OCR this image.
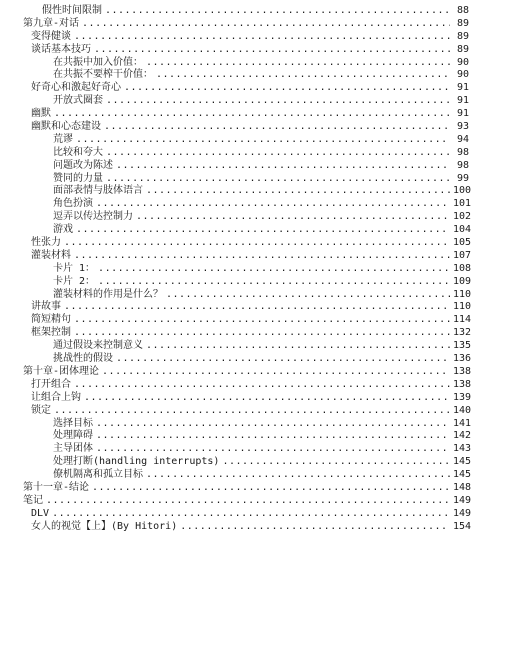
假性时间限制 .....	88
第九章-对话 .....	89
变得健谈 .....	89
谈话基本技巧 .....	89
在共振中加入价值： .....	90
在共振不要榨干价值： .....	90
好奇心和激起好奇心 .....	91
开放式圈套 .....	91
幽默 .....	91
幽默和心态建设 .....	93
荒谬 .....	94
比较和夸大 .....	98
问题改为陈述 .....	98
赞同的力量 .....	99
面部表情与肢体语言 .....	100
角色扮演 .....	101
逗弄以传达控制力 .....	102
游戏 .....	104
性张力 .....	105
灌装材料 .....	107
卡片 1： .....	108
卡片 2： .....	109
灌装材料的作用是什么？ .....	110
讲故事 .....	110
简短精句 .....	114
框架控制 .....	132
通过假设来控制意义 .....	135
挑战性的假设 .....	136
第十章-团体理论 .....	138
打开组合 .....	138
让组合上钩 .....	139
锁定 .....	140
选择目标 .....	141
处理障碍 .....	142
主导团体 .....	143
处理打断(handling interrupts) .....	145
僚机隔离和孤立目标 .....	145
第十一章-结论 .....	148
笔记 .....	149
DLV .....	149
女人的视觉【上】(By Hitori) .....	154
